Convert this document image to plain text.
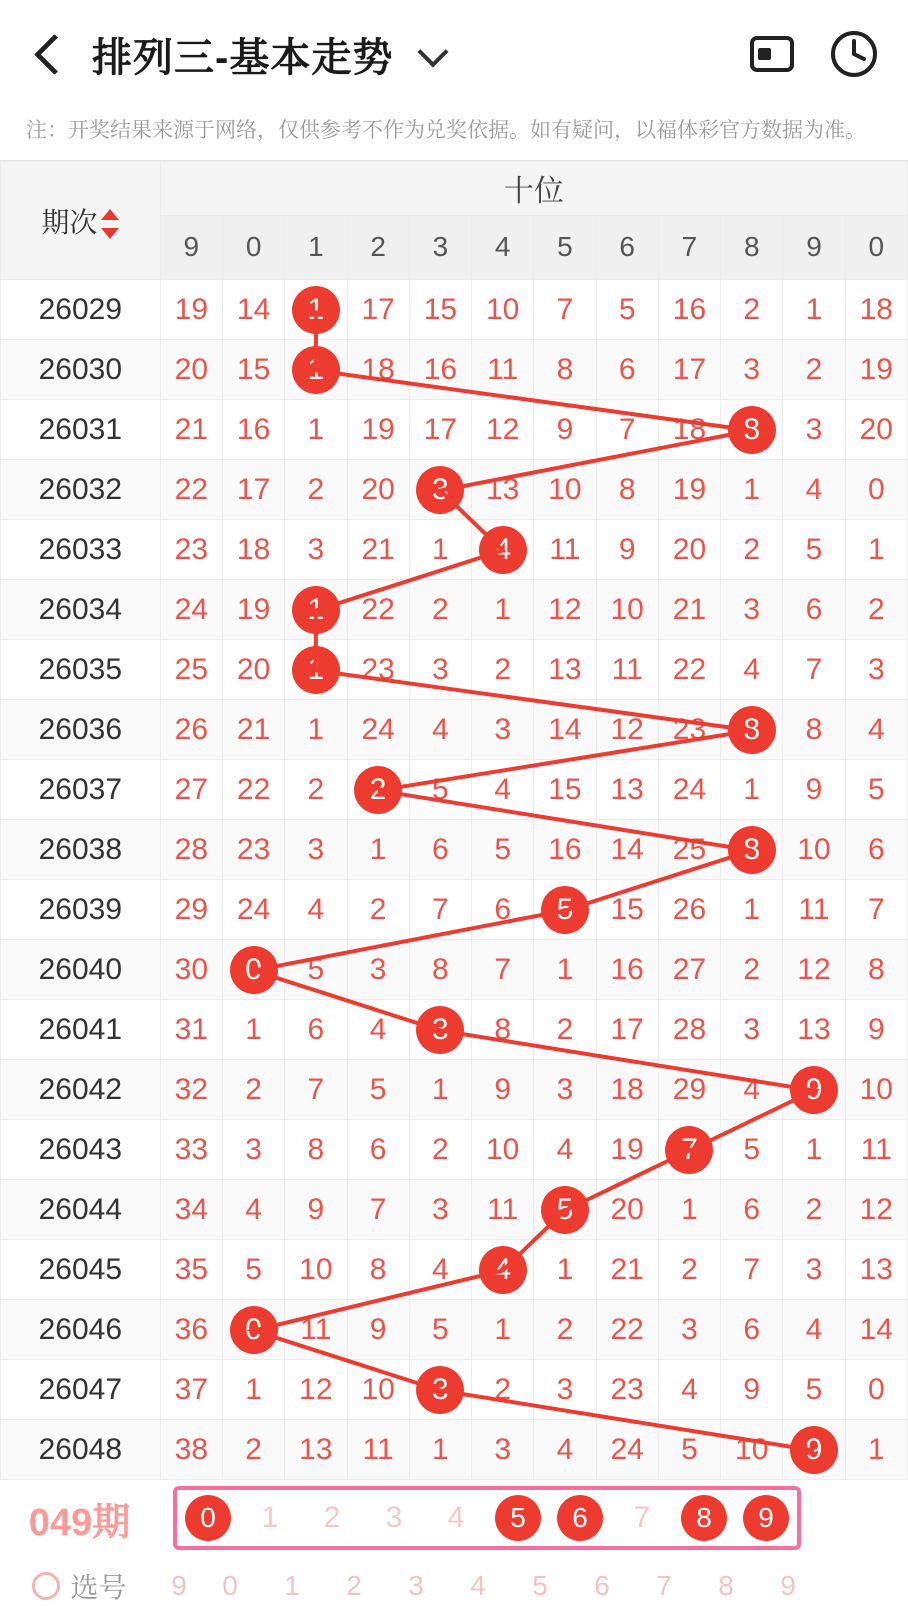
排列三-基本走势
注：开奖结果来源于网络，仅供参考不作为兑奖依据。如有疑问，以福体彩官方数据为准。
期次	十位											
	9	0	1	2	3	4	5	6	7	8	9	0
26029	19	14	1	17	15	10	7	5	16	2	1	18
26030	20	15	1	18	16	11	8	6	17	3	2	19
26031	21	16	1	19	17	12	9	7	18	8	3	20
26032	22	17	2	20	3	13	10	8	19	1	4	0
26033	23	18	3	21	1	4	11	9	20	2	5	1
26034	24	19	1	22	2	1	12	10	21	3	6	2
26035	25	20	1	23	3	2	13	11	22	4	7	3
26036	26	21	1	24	4	3	14	12	23	8	8	4
26037	27	22	2	2	5	4	15	13	24	1	9	5
26038	28	23	3	1	6	5	16	14	25	8	10	6
26039	29	24	4	2	7	6	5	15	26	1	11	7
26040	30	0	5	3	8	7	1	16	27	2	12	8
26041	31	1	6	4	3	8	2	17	28	3	13	9
26042	32	2	7	5	1	9	3	18	29	4	9	10
26043	33	3	8	6	2	10	4	19	7	5	1	11
26044	34	4	9	7	3	11	5	20	1	6	2	12
26045	35	5	10	8	4	4	1	21	2	7	3	13
26046	36	0	11	9	5	1	2	22	3	6	4	14
26047	37	1	12	10	3	2	3	23	4	9	5	0
26048	38	2	13	11	1	3	4	24	5	10	9	1
049期	0	1	2	3	4	5	6	7	8	9
选号	9	0	1	2	3	4	5	6	7	8	9
